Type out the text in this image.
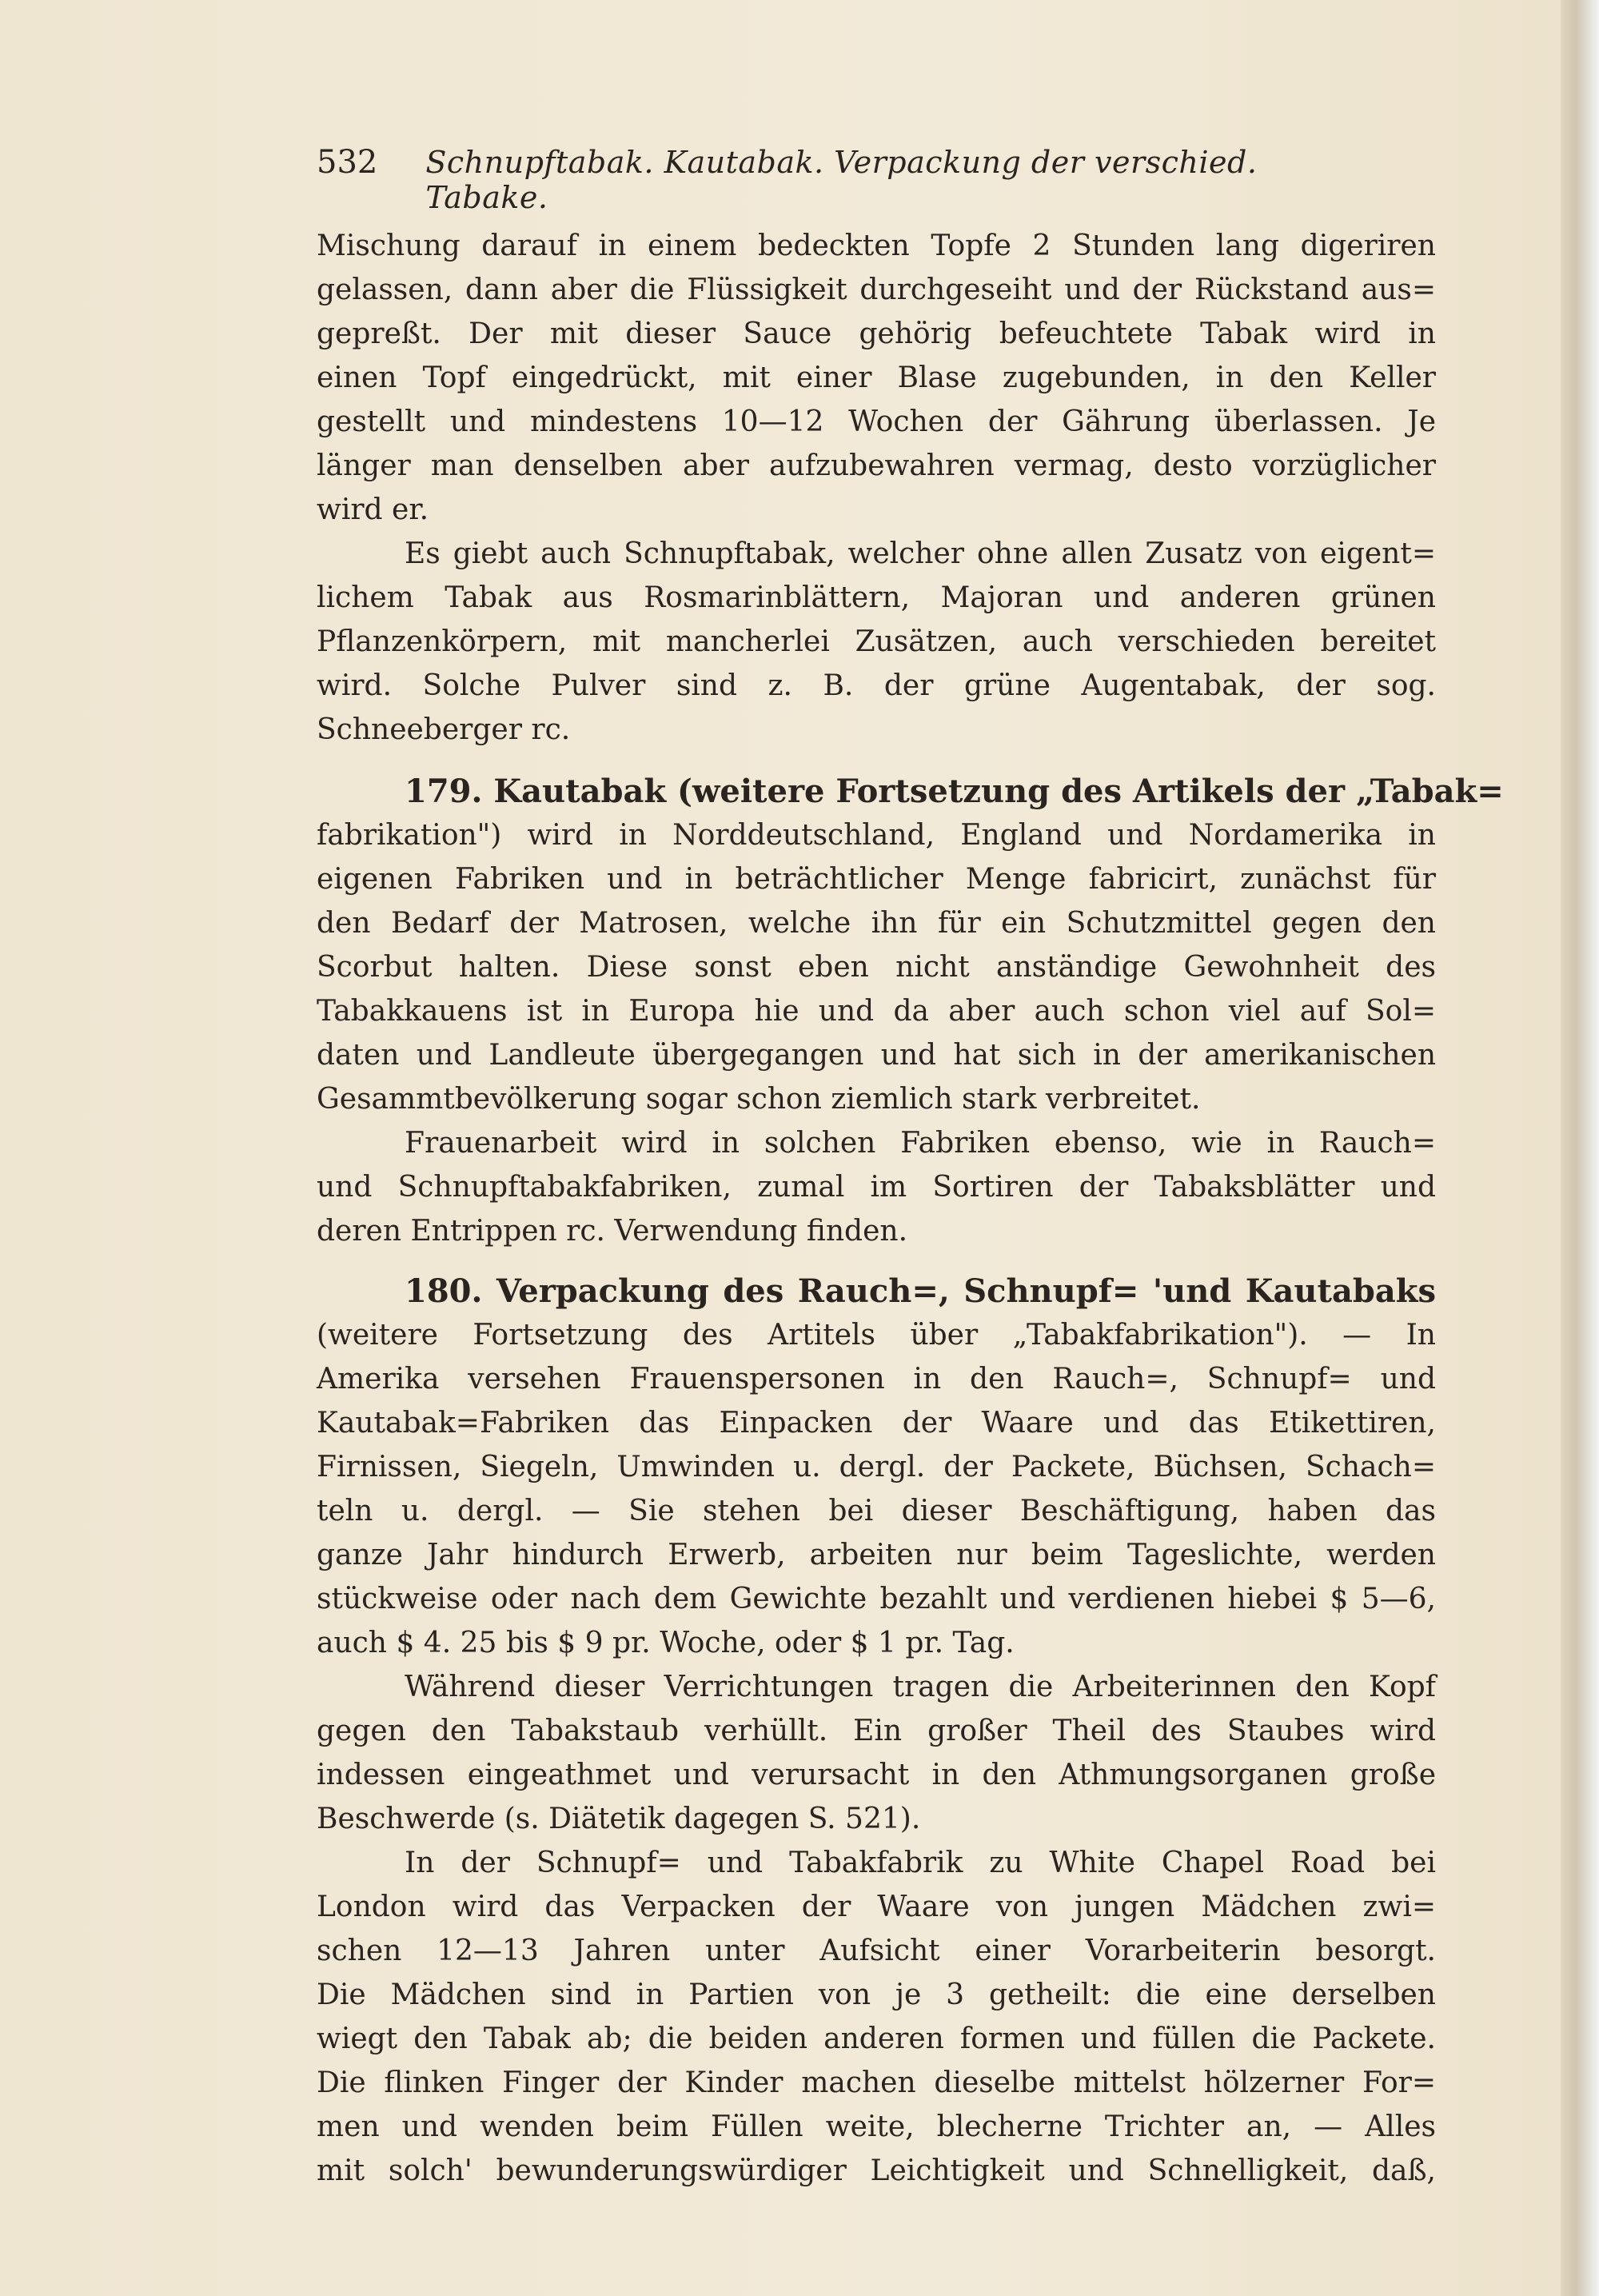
532 Schnupftabak. Kautabak. Verpackung der verschied. Tabake.
Mischung darauf in einem bedeckten Topfe 2 Stunden lang digeriren
gelassen, dann aber die Flüssigkeit durchgeseiht und der Rückstand aus=
gepreßt. Der mit dieser Sauce gehörig befeuchtete Tabak wird in
einen Topf eingedrückt, mit einer Blase zugebunden, in den Keller
gestellt und mindestens 10—12 Wochen der Gährung überlassen. Je
länger man denselben aber aufzubewahren vermag, desto vorzüglicher
wird er.
Es giebt auch Schnupftabak, welcher ohne allen Zusatz von eigent=
lichem Tabak aus Rosmarinblättern, Majoran und anderen grünen
Pflanzenkörpern, mit mancherlei Zusätzen, auch verschieden bereitet
wird. Solche Pulver sind z. B. der grüne Augentabak, der sog.
Schneeberger rc.
179. Kautabak (weitere Fortsetzung des Artikels der „Tabak=
fabrikation") wird in Norddeutschland, England und Nordamerika in
eigenen Fabriken und in beträchtlicher Menge fabricirt, zunächst für
den Bedarf der Matrosen, welche ihn für ein Schutzmittel gegen den
Scorbut halten. Diese sonst eben nicht anständige Gewohnheit des
Tabakkauens ist in Europa hie und da aber auch schon viel auf Sol=
daten und Landleute übergegangen und hat sich in der amerikanischen
Gesammtbevölkerung sogar schon ziemlich stark verbreitet.
Frauenarbeit wird in solchen Fabriken ebenso, wie in Rauch=
und Schnupftabakfabriken, zumal im Sortiren der Tabaksblätter und
deren Entrippen rc. Verwendung finden.
180. Verpackung des Rauch=, Schnupf= 'und Kautabaks
(weitere Fortsetzung des Artitels über „Tabakfabrikation"). — In
Amerika versehen Frauenspersonen in den Rauch=, Schnupf= und
Kautabak=Fabriken das Einpacken der Waare und das Etikettiren,
Firnissen, Siegeln, Umwinden u. dergl. der Packete, Büchsen, Schach=
teln u. dergl. — Sie stehen bei dieser Beschäftigung, haben das
ganze Jahr hindurch Erwerb, arbeiten nur beim Tageslichte, werden
stückweise oder nach dem Gewichte bezahlt und verdienen hiebei $ 5—6,
auch $ 4. 25 bis $ 9 pr. Woche, oder $ 1 pr. Tag.
Während dieser Verrichtungen tragen die Arbeiterinnen den Kopf
gegen den Tabakstaub verhüllt. Ein großer Theil des Staubes wird
indessen eingeathmet und verursacht in den Athmungsorganen große
Beschwerde (s. Diätetik dagegen S. 521).
In der Schnupf= und Tabakfabrik zu White Chapel Road bei
London wird das Verpacken der Waare von jungen Mädchen zwi=
schen 12—13 Jahren unter Aufsicht einer Vorarbeiterin besorgt.
Die Mädchen sind in Partien von je 3 getheilt: die eine derselben
wiegt den Tabak ab; die beiden anderen formen und füllen die Packete.
Die flinken Finger der Kinder machen dieselbe mittelst hölzerner For=
men und wenden beim Füllen weite, blecherne Trichter an, — Alles
mit solch' bewunderungswürdiger Leichtigkeit und Schnelligkeit, daß,
